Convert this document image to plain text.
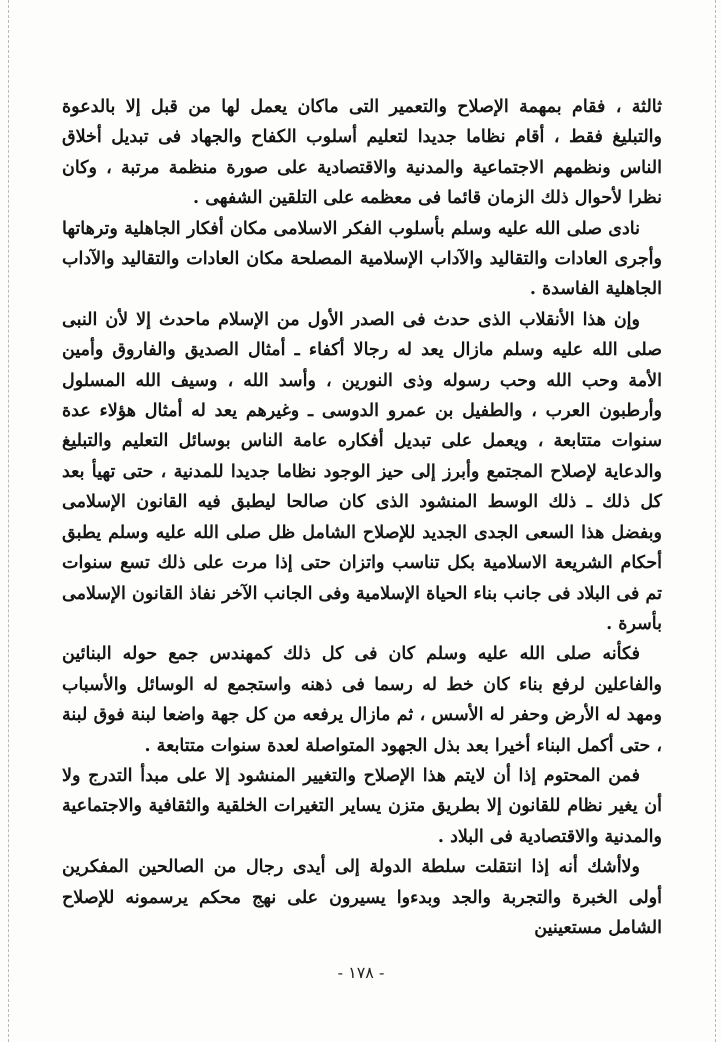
ثالثة ، فقام بمهمة الإصلاح والتعمير التى ماكان يعمل لها من قبل إلا بالدعوة والتبليغ فقط ، أقام نظاما جديدا لتعليم أسلوب الكفاح والجهاد فى تبديل أخلاق الناس ونظمهم الاجتماعية والمدنية والاقتصادية على صورة منظمة مرتبة ، وكان نظرا لأحوال ذلك الزمان قائما فى معظمه على التلقين الشفهى .

نادى صلى الله عليه وسلم بأسلوب الفكر الاسلامى مكان أفكار الجاهلية وترهاتها وأجرى العادات والتقاليد والآداب الإسلامية المصلحة مكان العادات والتقاليد والآداب الجاهلية الفاسدة .

وإن هذا الأنقلاب الذى حدث فى الصدر الأول من الإسلام ماحدث إلا لأن النبى صلى الله عليه وسلم مازال يعد له رجالا أكفاء ـ أمثال الصديق والفاروق وأمين الأمة وحب الله وحب رسوله وذى النورين ، وأسد الله ، وسيف الله المسلول وأرطبون العرب ، والطفيل بن عمرو الدوسى ـ وغيرهم يعد له أمثال هؤلاء عدة سنوات متتابعة ، ويعمل على تبديل أفكاره عامة الناس بوسائل التعليم والتبليغ والدعاية لإصلاح المجتمع وأبرز إلى حيز الوجود نظاما جديدا للمدنية ، حتى تهيأ بعد كل ذلك ـ ذلك الوسط المنشود الذى كان صالحا ليطبق فيه القانون الإسلامى وبفضل هذا السعى الجدى الجديد للإصلاح الشامل ظل صلى الله عليه وسلم يطبق أحكام الشريعة الاسلامية بكل تناسب واتزان حتى إذا مرت على ذلك تسع سنوات تم فى البلاد فى جانب بناء الحياة الإسلامية وفى الجانب الآخر نفاذ القانون الإسلامى بأسرة .

فكأنه صلى الله عليه وسلم كان فى كل ذلك كمهندس جمع حوله البنائين والفاعلين لرفع بناء كان خط له رسما فى ذهنه واستجمع له الوسائل والأسباب ومهد له الأرض وحفر له الأسس ، ثم مازال يرفعه من كل جهة واضعا لبنة فوق لبنة ، حتى أكمل البناء أخيرا بعد بذل الجهود المتواصلة لعدة سنوات متتابعة .

فمن المحتوم إذا أن لايتم هذا الإصلاح والتغيير المنشود إلا على مبدأ التدرج ولا أن يغير نظام للقانون إلا بطريق متزن يساير التغيرات الخلقية والثقافية والاجتماعية والمدنية والاقتصادية فى البلاد .

ولاأشك أنه إذا انتقلت سلطة الدولة إلى أيدى رجال من الصالحين المفكرين أولى الخبرة والتجربة والجد وبدءوا يسيرون على نهج محكم يرسمونه للإصلاح الشامل مستعينين

- ١٧٨ -
